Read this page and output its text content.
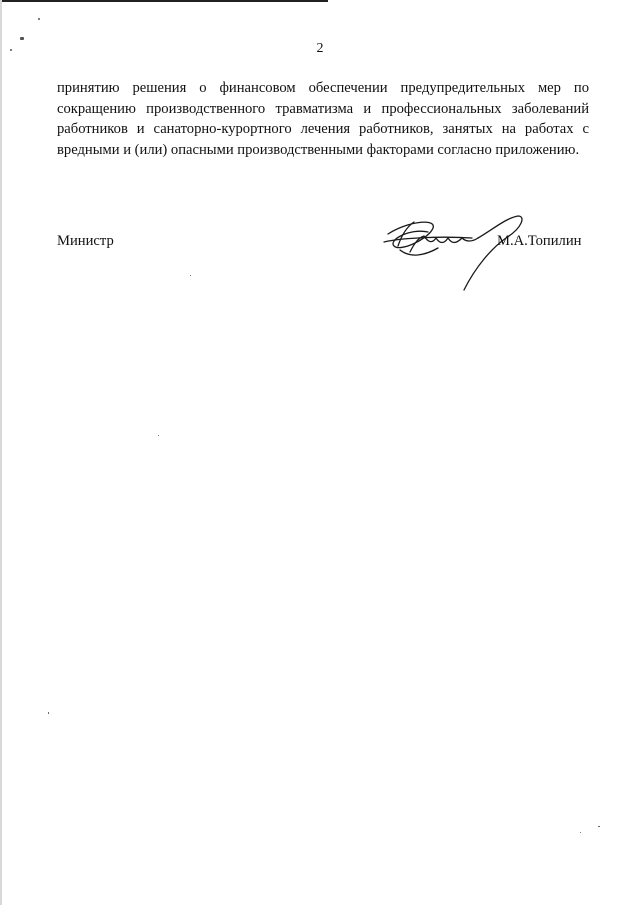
2

принятию решения о финансовом обеспечении предупредительных мер по сокращению производственного травматизма и профессиональных заболеваний работников и санаторно-курортного лечения работников, занятых на работах с вредными и (или) опасными производственными факторами согласно приложению.

Министр	М.А.Топилин
